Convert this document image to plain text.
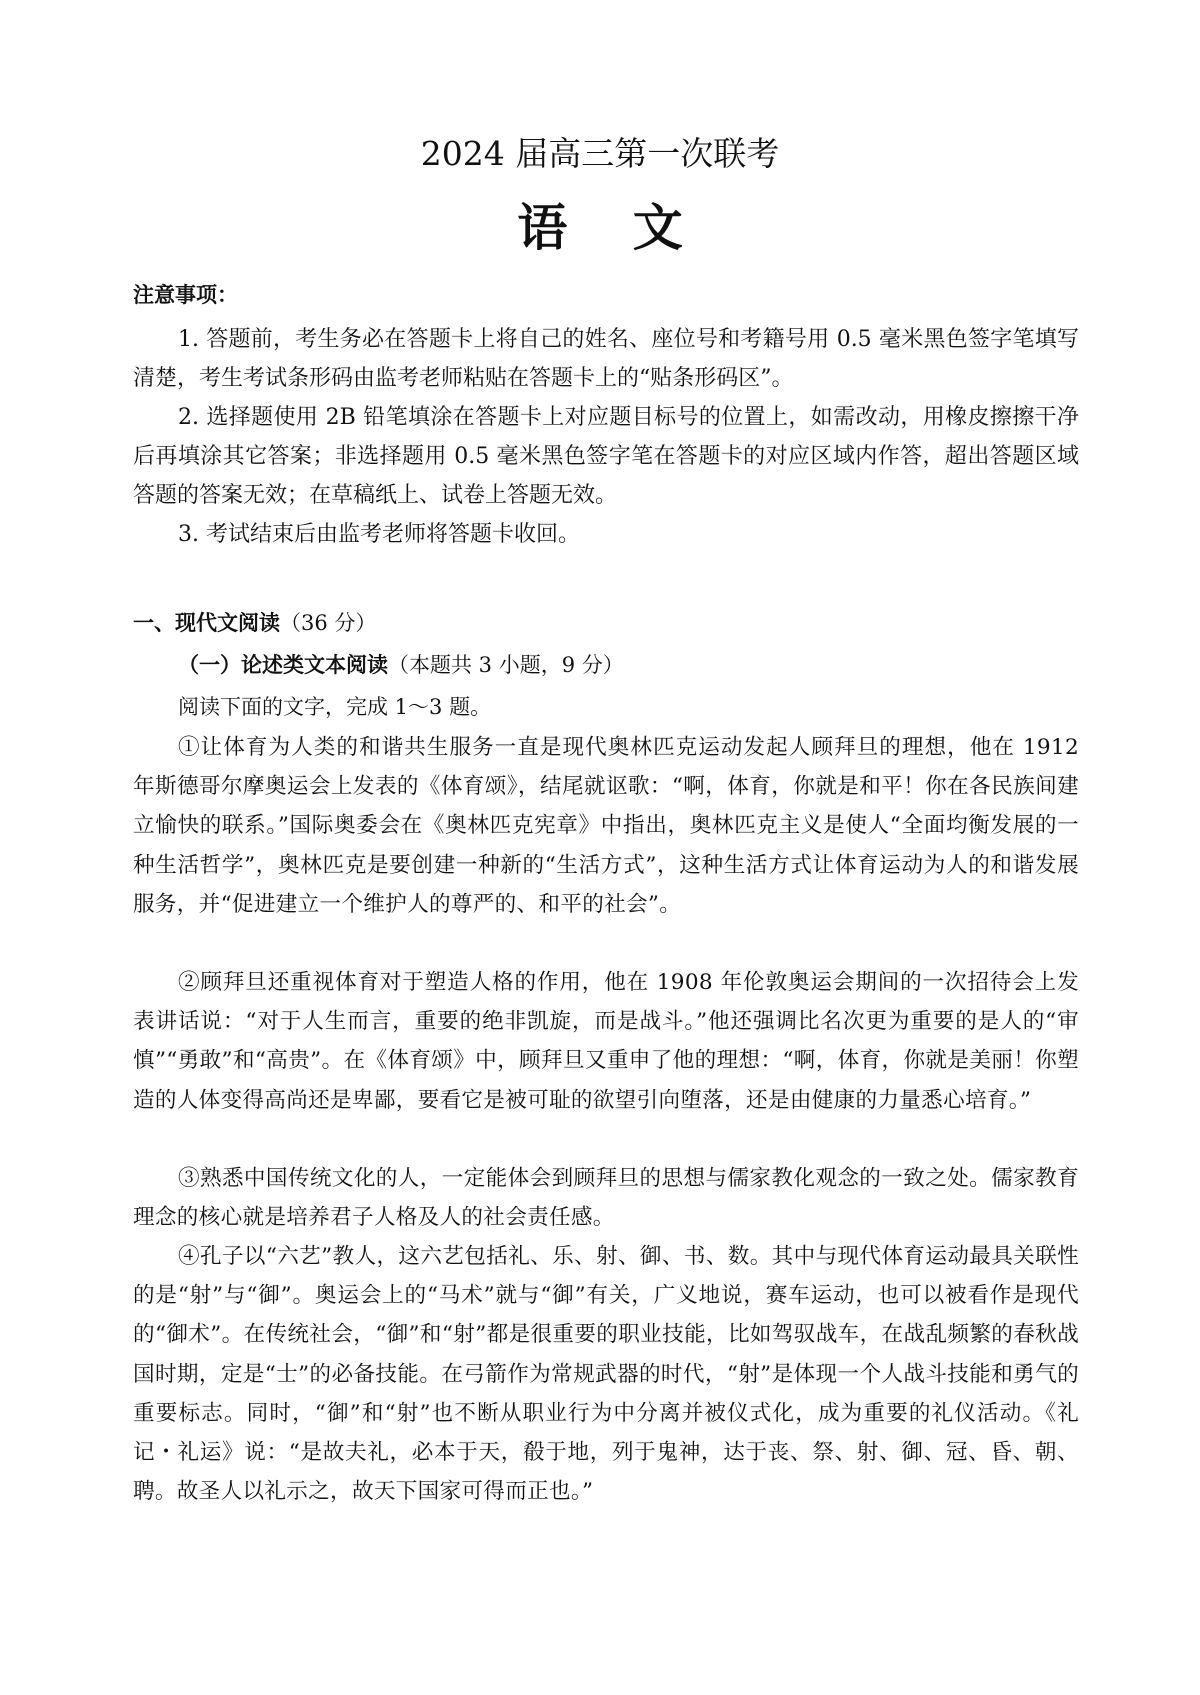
2024 届高三第一次联考
语 文
注意事项：

1. 答题前，考生务必在答题卡上将自己的姓名、座位号和考籍号用 0.5 毫米黑色签字笔填写清楚，考生考试条形码由监考老师粘贴在答题卡上的“贴条形码区”。

2. 选择题使用 2B 铅笔填涂在答题卡上对应题目标号的位置上，如需改动，用橡皮擦擦干净后再填涂其它答案；非选择题用 0.5 毫米黑色签字笔在答题卡的对应区域内作答，超出答题区域答题的答案无效；在草稿纸上、试卷上答题无效。

3. 考试结束后由监考老师将答题卡收回。

一、现代文阅读（36 分）
（一）论述类文本阅读（本题共 3 小题，9 分）
阅读下面的文字，完成 1～3 题。

①让体育为人类的和谐共生服务一直是现代奥林匹克运动发起人顾拜旦的理想，他在 1912 年斯德哥尔摩奥运会上发表的《体育颂》，结尾就讴歌：“啊，体育，你就是和平！你在各民族间建立愉快的联系。”国际奥委会在《奥林匹克宪章》中指出，奥林匹克主义是使人“全面均衡发展的一种生活哲学”，奥林匹克是要创建一种新的“生活方式”，这种生活方式让体育运动为人的和谐发展服务，并“促进建立一个维护人的尊严的、和平的社会”。

②顾拜旦还重视体育对于塑造人格的作用，他在 1908 年伦敦奥运会期间的一次招待会上发表讲话说：“对于人生而言，重要的绝非凯旋，而是战斗。”他还强调比名次更为重要的是人的“审慎”“勇敢”和“高贵”。在《体育颂》中，顾拜旦又重申了他的理想：“啊，体育，你就是美丽！你塑造的人体变得高尚还是卑鄙，要看它是被可耻的欲望引向堕落，还是由健康的力量悉心培育。”

③熟悉中国传统文化的人，一定能体会到顾拜旦的思想与儒家教化观念的一致之处。儒家教育理念的核心就是培养君子人格及人的社会责任感。

④孔子以“六艺”教人，这六艺包括礼、乐、射、御、书、数。其中与现代体育运动最具关联性的是“射”与“御”。奥运会上的“马术”就与“御”有关，广义地说，赛车运动，也可以被看作是现代的“御术”。在传统社会，“御”和“射”都是很重要的职业技能，比如驾驭战车，在战乱频繁的春秋战国时期，定是“士”的必备技能。在弓箭作为常规武器的时代，“射”是体现一个人战斗技能和勇气的重要标志。同时，“御”和“射”也不断从职业行为中分离并被仪式化，成为重要的礼仪活动。《礼记・礼运》说：“是故夫礼，必本于天，殽于地，列于鬼神，达于丧、祭、射、御、冠、昏、朝、聘。故圣人以礼示之，故天下国家可得而正也。”
